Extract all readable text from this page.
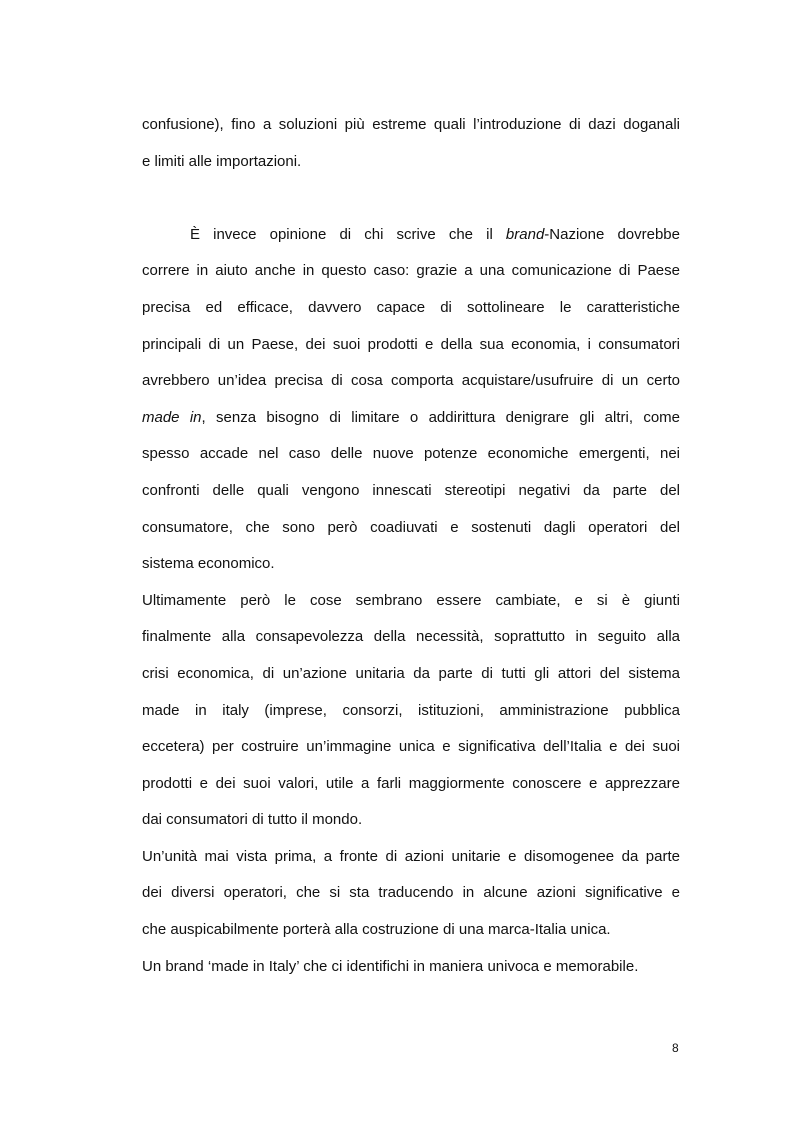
confusione), fino a soluzioni più estreme quali l’introduzione di dazi doganali
e limiti alle importazioni.
È invece opinione di chi scrive che il brand-Nazione dovrebbe
correre in aiuto anche in questo caso: grazie a una comunicazione di Paese
precisa ed efficace, davvero capace di sottolineare le caratteristiche
principali di un Paese, dei suoi prodotti e della sua economia, i consumatori
avrebbero un’idea precisa di cosa comporta acquistare/usufruire di un certo
made in, senza bisogno di limitare o addirittura denigrare gli altri, come
spesso accade nel caso delle nuove potenze economiche emergenti, nei
confronti delle quali vengono innescati stereotipi negativi da parte del
consumatore, che sono però coadiuvati e sostenuti dagli operatori del
sistema economico.
Ultimamente però le cose sembrano essere cambiate, e si è giunti
finalmente alla consapevolezza della necessità, soprattutto in seguito alla
crisi economica, di un’azione unitaria da parte di tutti gli attori del sistema
made in italy (imprese, consorzi, istituzioni, amministrazione pubblica
eccetera) per costruire un’immagine unica e significativa dell’Italia e dei suoi
prodotti e dei suoi valori, utile a farli maggiormente conoscere e apprezzare
dai consumatori di tutto il mondo.
Un’unità mai vista prima, a fronte di azioni unitarie e disomogenee da parte
dei diversi operatori, che si sta traducendo in alcune azioni significative e
che auspicabilmente porterà alla costruzione di una marca-Italia unica.
Un brand ‘made in Italy’ che ci identifichi in maniera univoca e memorabile.
8
